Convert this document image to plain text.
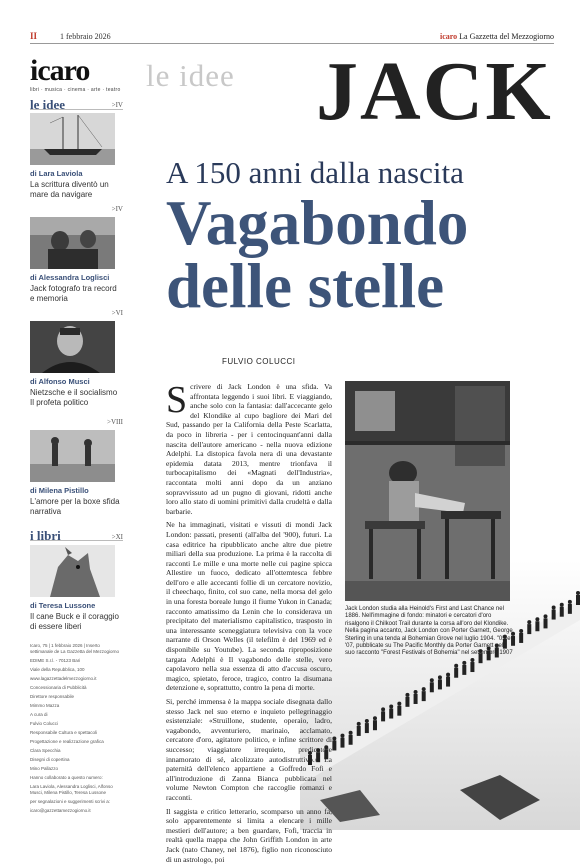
II	1 febbraio 2026	icaro La Gazzetta del Mezzogiorno
icaro
libri · musica · cinema · arte · teatro
le idee	>IV
di Lara Laviola
La scrittura diventò un mare da navigare
>IV
di Alessandra Loglisci
Jack fotografo tra record e memoria
>VI
di Alfonso Musci
Nietzsche e il socialismo Il profeta politico
>VIII
di Milena Pistillo
L'amore per la boxe sfida narrativa
i libri	>XI
di Teresa Lussone
Il cane Buck e il coraggio di essere liberi

Icaro, 75 | 1 febbraio 2026 | Inserto settimanale de La Gazzetta del Mezzogiorno

EDIME S.r.l. - 70123 Bari

Viale della Repubblica, 100

www.lagazzettadelmezzogiorno.it

Concessionaria di Pubblicità

Direttore responsabile

Mimmo Mazza

A cura di

Fulvio Colucci

Responsabile Cultura e spettacoli

Progettazione e realizzazione grafica

Clara Specchia

Disegni di copertina

Mino Pallazzo

Hanno collaborato a questo numero:

Lara Laviola, Alessandra Loglisci, Alfonso Musci, Milena Pistillo, Teresa Lussone

per segnalazioni e suggerimenti scrivi a:

icaro@gazzettamezzogiorno.it

le idee JACK
A 150 anni dalla nascita
Vagabondo
delle stelle
FULVIO COLUCCI
Jack London studia alla Heinold's First and Last Chance nel 1886. Nell'immagine di fondo: minatori e cercatori d'oro risalgono il Chilkoot Trail durante la corsa all'oro del Klondike. Nella pagina accanto, Jack London con Porter Garnett, George Sterling in una tenda al Bohemian Grove nel luglio 1904. "05 e '07, pubblicate su The Pacific Monthly da Porter Garnett nel suo racconto "Forest Festivals of Bohemia" nel settembre 1907

Scrivere di Jack London è una sfida. Va affrontata leggendo i suoi libri. E viaggiando, anche solo con la fantasia: dall'accecante gelo del Klondike al cupo bagliore dei Mari del Sud, passando per la California della Peste Scarlatta, da poco in libreria - per i centocinquant'anni dalla nascita dell'autore americano - nella nuova edizione Adelphi. La distopica favola nera di una devastante epidemia datata 2013, mentre trionfava il turbocapitalismo dei «Magnati dell'Industria», raccontata molti anni dopo da un anziano sopravvissuto ad un pugno di giovani, ridotti anche loro allo stato di uomini primitivi dalla crudeltà e dalla barbarie.

Ne ha immaginati, visitati e vissuti di mondi Jack London: passati, presenti (all'alba del '900), futuri. La casa editrice ha ripubblicato anche altre due pietre miliari della sua produzione. La prima è la raccolta di racconti Le mille e una morte nelle cui pagine spicca Allestire un fuoco, dedicato all'ottemtesca febbre dell'oro e alle accecanti follie di un cercatore novizio, il cheechaqo, finito, col suo cane, nella morsa del gelo in una foresta boreale lungo il fiume Yukon in Canada; racconto amatissimo da Lenin che lo considerava un precipitato del materialismo capitalistico, trasposto in una interessante sceneggiatura televisiva con la voce narrante di Orson Welles (il telefilm è del 1969 ed è disponibile su Youtube). La seconda riproposizione targata Adelphi è Il vagabondo delle stelle, vero capolavoro nella sua essenza di atto d'accusa oscuro, magico, spietato, feroce, tragico, contro la disumana detenzione e, soprattutto, contro la pena di morte.

Si, perché immensa è la mappa sociale disegnata dallo stesso Jack nel suo eterno e inquieto pellegrinaggio esistenziale: «Struillone, studente, operaio, ladro, vagabondo, avventuriero, marinaio, acclamato, cercatore d'oro, agitatore politico, e infine scrittore di successo; viaggiatore irrequieto, predicatore innamorato di sé, alcolizzato autodistruttivo.» La paternità dell'elenco appartiene a Goffredo Fofi e all'introduzione di Zanna Bianca pubblicata nel volume Newton Compton che raccoglie romanzi e racconti.

Il saggista e critico letterario, scomparso un anno fa, solo apparentemente si limita a elencare i mille mestieri dell'autore; a ben guardare, Fofi, traccia in realtà quella mappa che John Griffith London in arte Jack (nato Chaney, nel 1876), figlio non riconosciuto di un astrologo, poi
